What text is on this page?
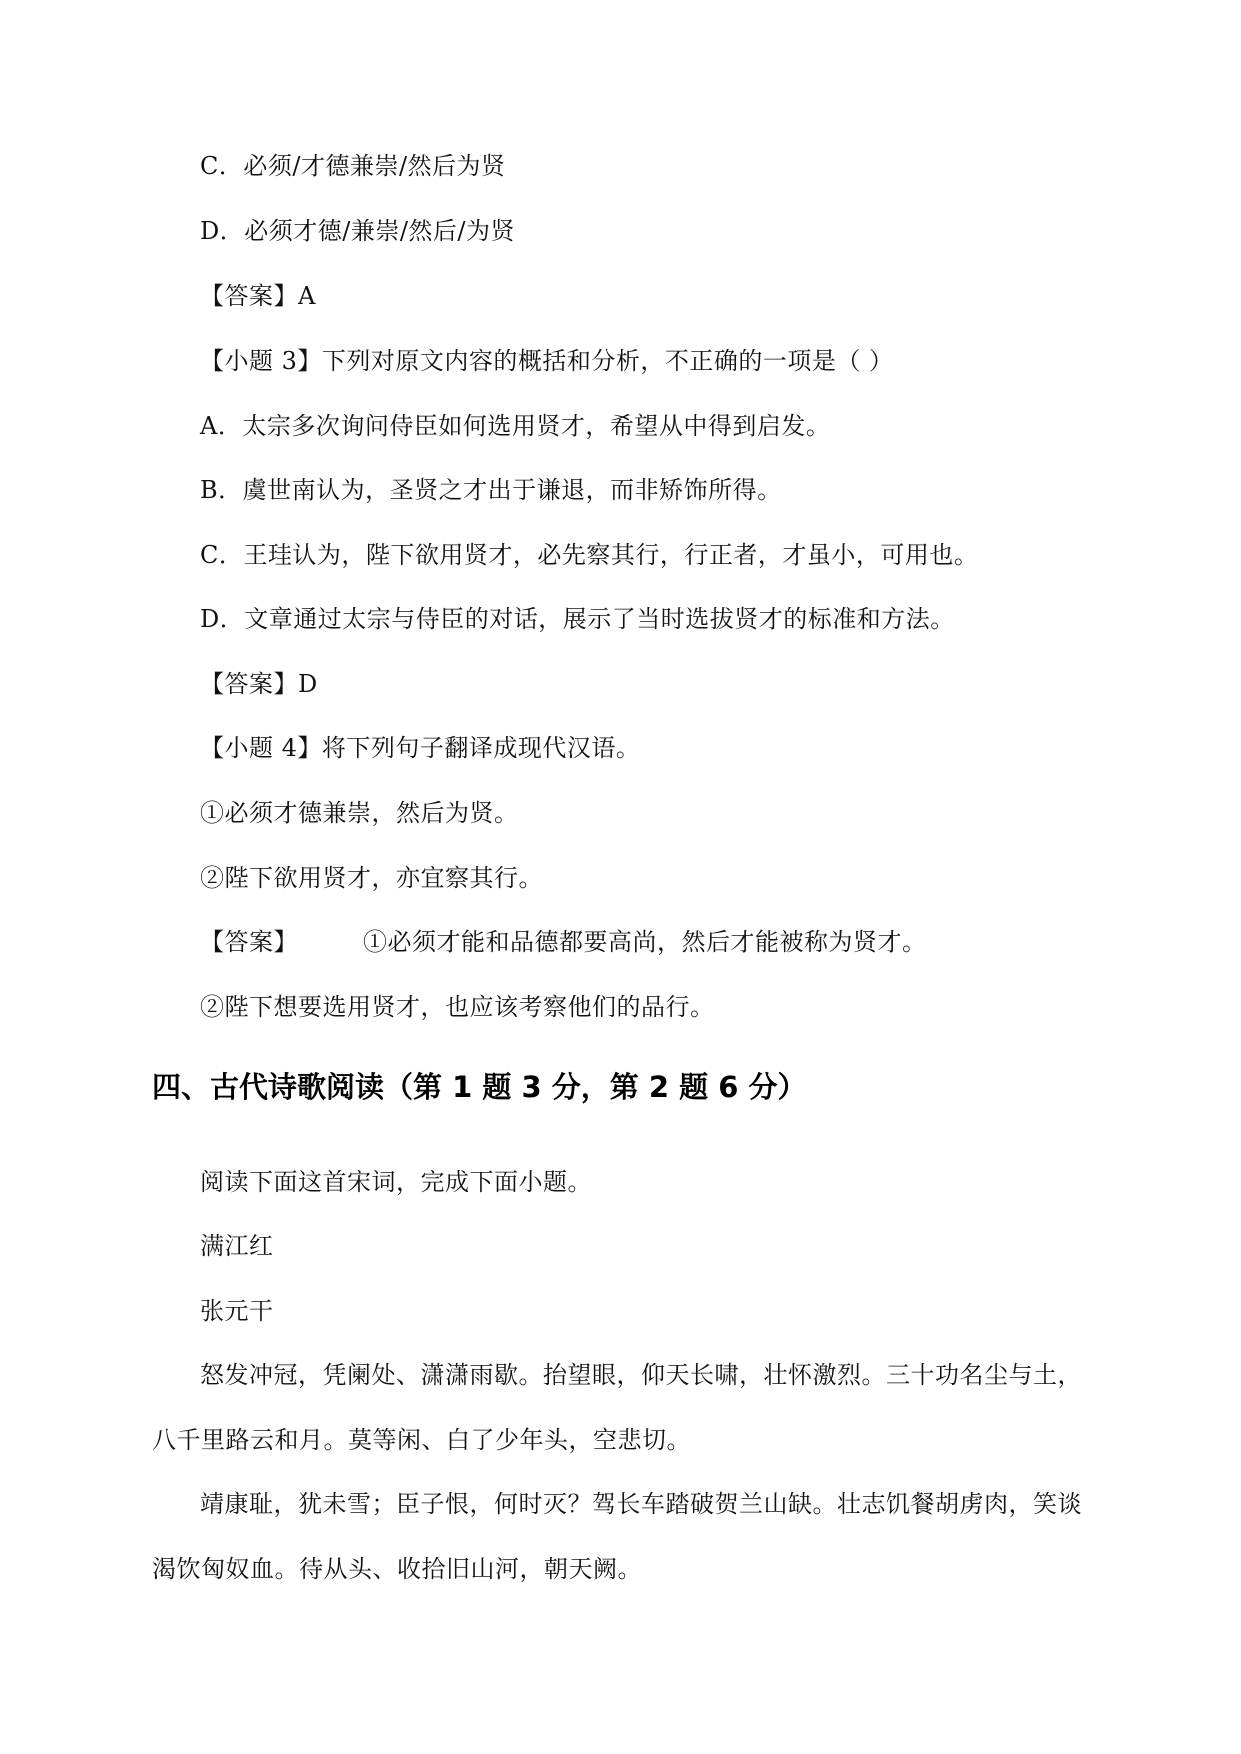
C．必须/才德兼崇/然后为贤
D．必须才德/兼崇/然后/为贤
【答案】A
【小题 3】下列对原文内容的概括和分析，不正确的一项是（ ）
A．太宗多次询问侍臣如何选用贤才，希望从中得到启发。
B．虞世南认为，圣贤之才出于谦退，而非矫饰所得。
C．王珪认为，陛下欲用贤才，必先察其行，行正者，才虽小，可用也。
D．文章通过太宗与侍臣的对话，展示了当时选拔贤才的标准和方法。
【答案】D
【小题 4】将下列句子翻译成现代汉语。
①必须才德兼崇，然后为贤。
②陛下欲用贤才，亦宜察其行。
【答案】	①必须才能和品德都要高尚，然后才能被称为贤才。
②陛下想要选用贤才，也应该考察他们的品行。
四、古代诗歌阅读（第 1 题 3 分，第 2 题 6 分）
阅读下面这首宋词，完成下面小题。
满江红
张元干
怒发冲冠，凭阑处、潇潇雨歇。抬望眼，仰天长啸，壮怀激烈。三十功名尘与土，
八千里路云和月。莫等闲、白了少年头，空悲切。
靖康耻，犹未雪；臣子恨，何时灭？驾长车踏破贺兰山缺。壮志饥餐胡虏肉，笑谈
渴饮匈奴血。待从头、收拾旧山河，朝天阙。
